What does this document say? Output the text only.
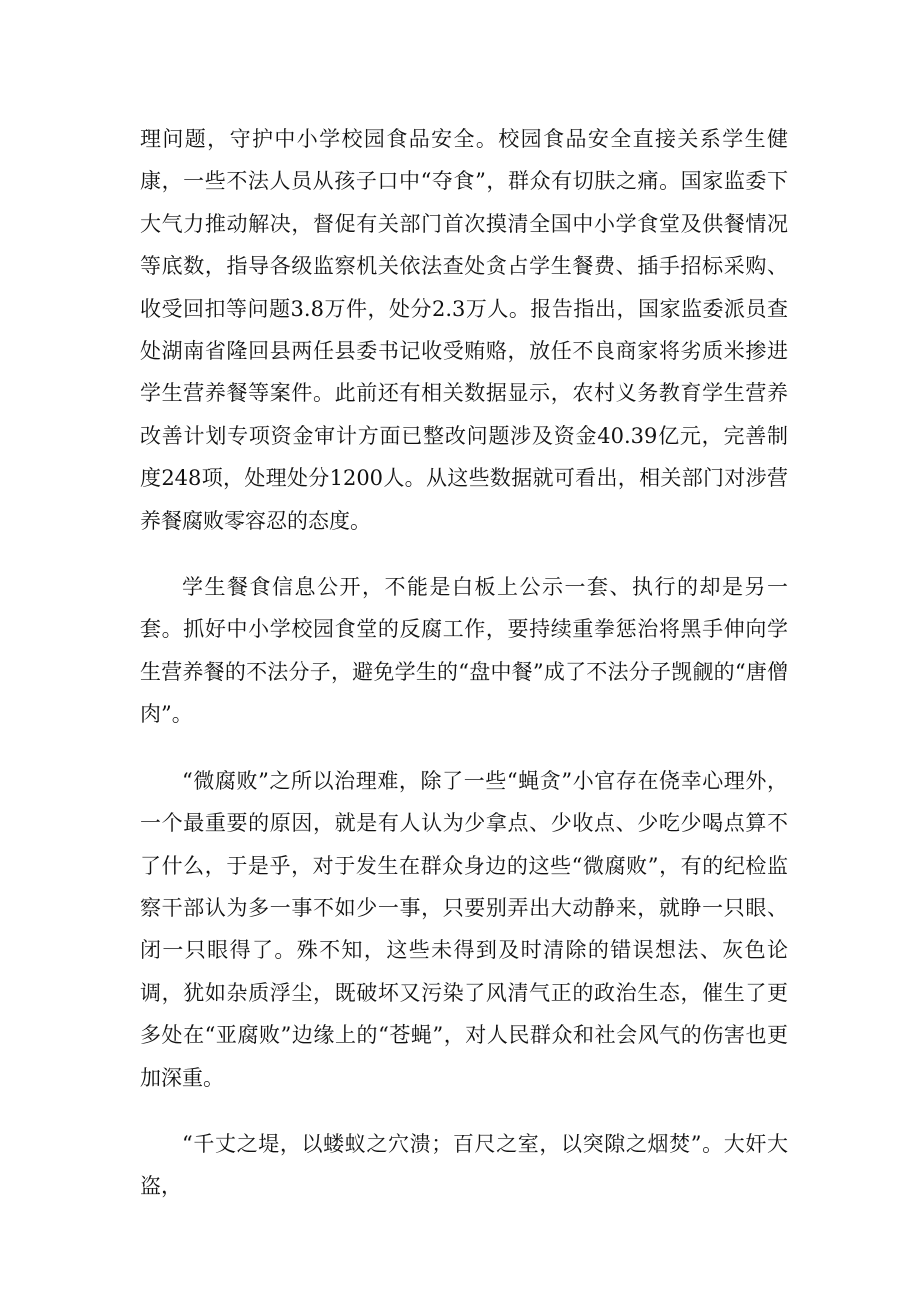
理问题，守护中小学校园食品安全。校园食品安全直接关系学生健康，一些不法人员从孩子口中“夺食”，群众有切肤之痛。国家监委下大气力推动解决，督促有关部门首次摸清全国中小学食堂及供餐情况等底数，指导各级监察机关依法查处贪占学生餐费、插手招标采购、收受回扣等问题3.8万件，处分2.3万人。报告指出，国家监委派员查处湖南省隆回县两任县委书记收受贿赂，放任不良商家将劣质米掺进学生营养餐等案件。此前还有相关数据显示，农村义务教育学生营养改善计划专项资金审计方面已整改问题涉及资金40.39亿元，完善制度248项，处理处分1200人。从这些数据就可看出，相关部门对涉营养餐腐败零容忍的态度。

学生餐食信息公开，不能是白板上公示一套、执行的却是另一套。抓好中小学校园食堂的反腐工作，要持续重拳惩治将黑手伸向学生营养餐的不法分子，避免学生的“盘中餐”成了不法分子觊觎的“唐僧肉”。

“微腐败”之所以治理难，除了一些“蝇贪”小官存在侥幸心理外，一个最重要的原因，就是有人认为少拿点、少收点、少吃少喝点算不了什么，于是乎，对于发生在群众身边的这些“微腐败”，有的纪检监察干部认为多一事不如少一事，只要别弄出大动静来，就睁一只眼、闭一只眼得了。殊不知，这些未得到及时清除的错误想法、灰色论调，犹如杂质浮尘，既破坏又污染了风清气正的政治生态，催生了更多处在“亚腐败”边缘上的“苍蝇”，对人民群众和社会风气的伤害也更加深重。

“千丈之堤，以蝼蚁之穴溃；百尺之室，以突隙之烟焚”。大奸大盗，
